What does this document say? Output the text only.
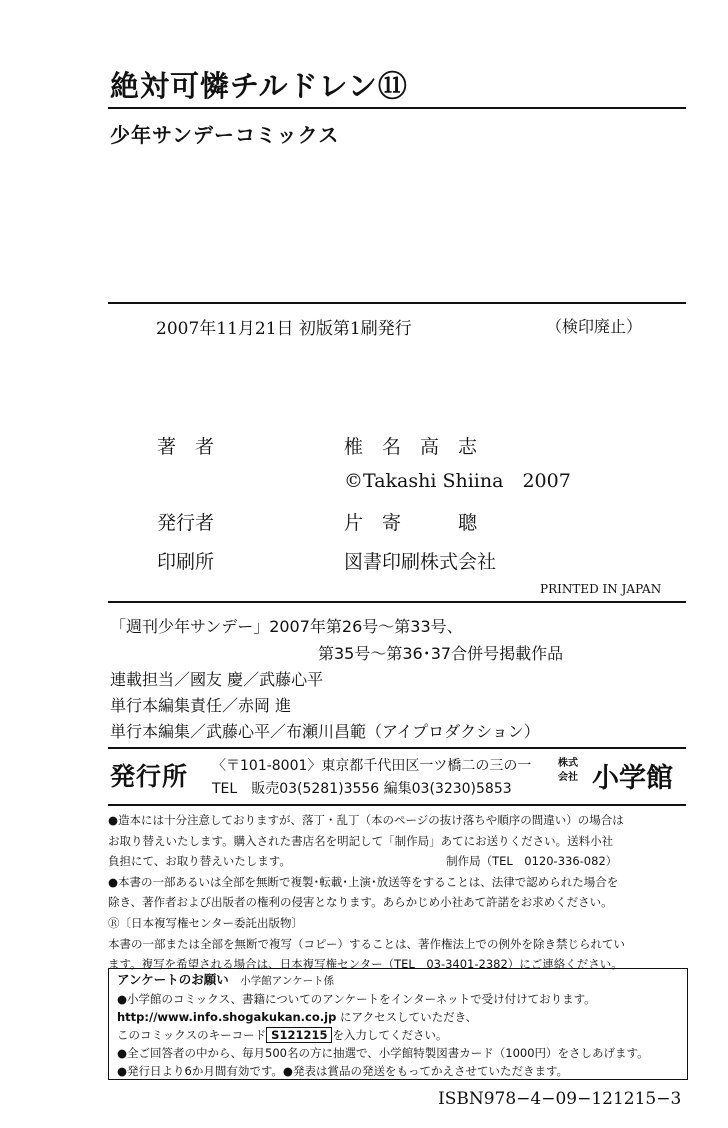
絶対可憐チルドレン⑪
少年サンデーコミックス
2007年11月21日 初版第1刷発行	（検印廃止）
著　者	椎　名　高　志
©Takashi Shiina　2007
発行者	片　寄　　　聰
印刷所	図書印刷株式会社
PRINTED IN JAPAN
「週刊少年サンデー」2007年第26号〜第33号、
第35号〜第36･37合併号掲載作品
連載担当／國友 慶／武藤心平
単行本編集責任／赤岡 進
単行本編集／武藤心平／布瀬川昌範（アイプロダクション）
発行所 〈〒101-8001〉東京都千代田区一ツ橋二の三の一
TEL　販売03(5281)3556 編集03(3230)5853
株式
会社 小学館

●造本には十分注意しておりますが、落丁・乱丁（本のページの抜け落ちや順序の間違い）の場合は

お取り替えいたします。購入された書店名を明記して「制作局」あてにお送りください。送料小社

負担にて、お取り替えいたします。　　　　　　　　　　　　　　制作局（TEL　0120-336-082）

●本書の一部あるいは全部を無断で複製･転載･上演･放送等をすることは、法律で認められた場合を

除き、著作者および出版者の権利の侵害となります。あらかじめ小社あて許諾をお求めください。

Ⓡ〔日本複写権センター委託出版物〕

本書の一部または全部を無断で複写（コピー）することは、著作権法上での例外を除き禁じられてい

ます。複写を希望される場合は、日本複写権センター（TEL　03-3401-2382）にご連絡ください。

アンケートのお願い　 小学館アンケート係

●小学館のコミックス、書籍についてのアンケートをインターネットで受け付けております。

http://www.info.shogakukan.co.jp にアクセスしていただき、

このコミックスのキーコード S121215 を入力してください。

●全ご回答者の中から、毎月500名の方に抽選で、小学館特製図書カード（1000円）をさしあげます。

●発行日より6か月間有効です。●発表は賞品の発送をもってかえさせていただきます。

ISBN978−4−09−121215−3
